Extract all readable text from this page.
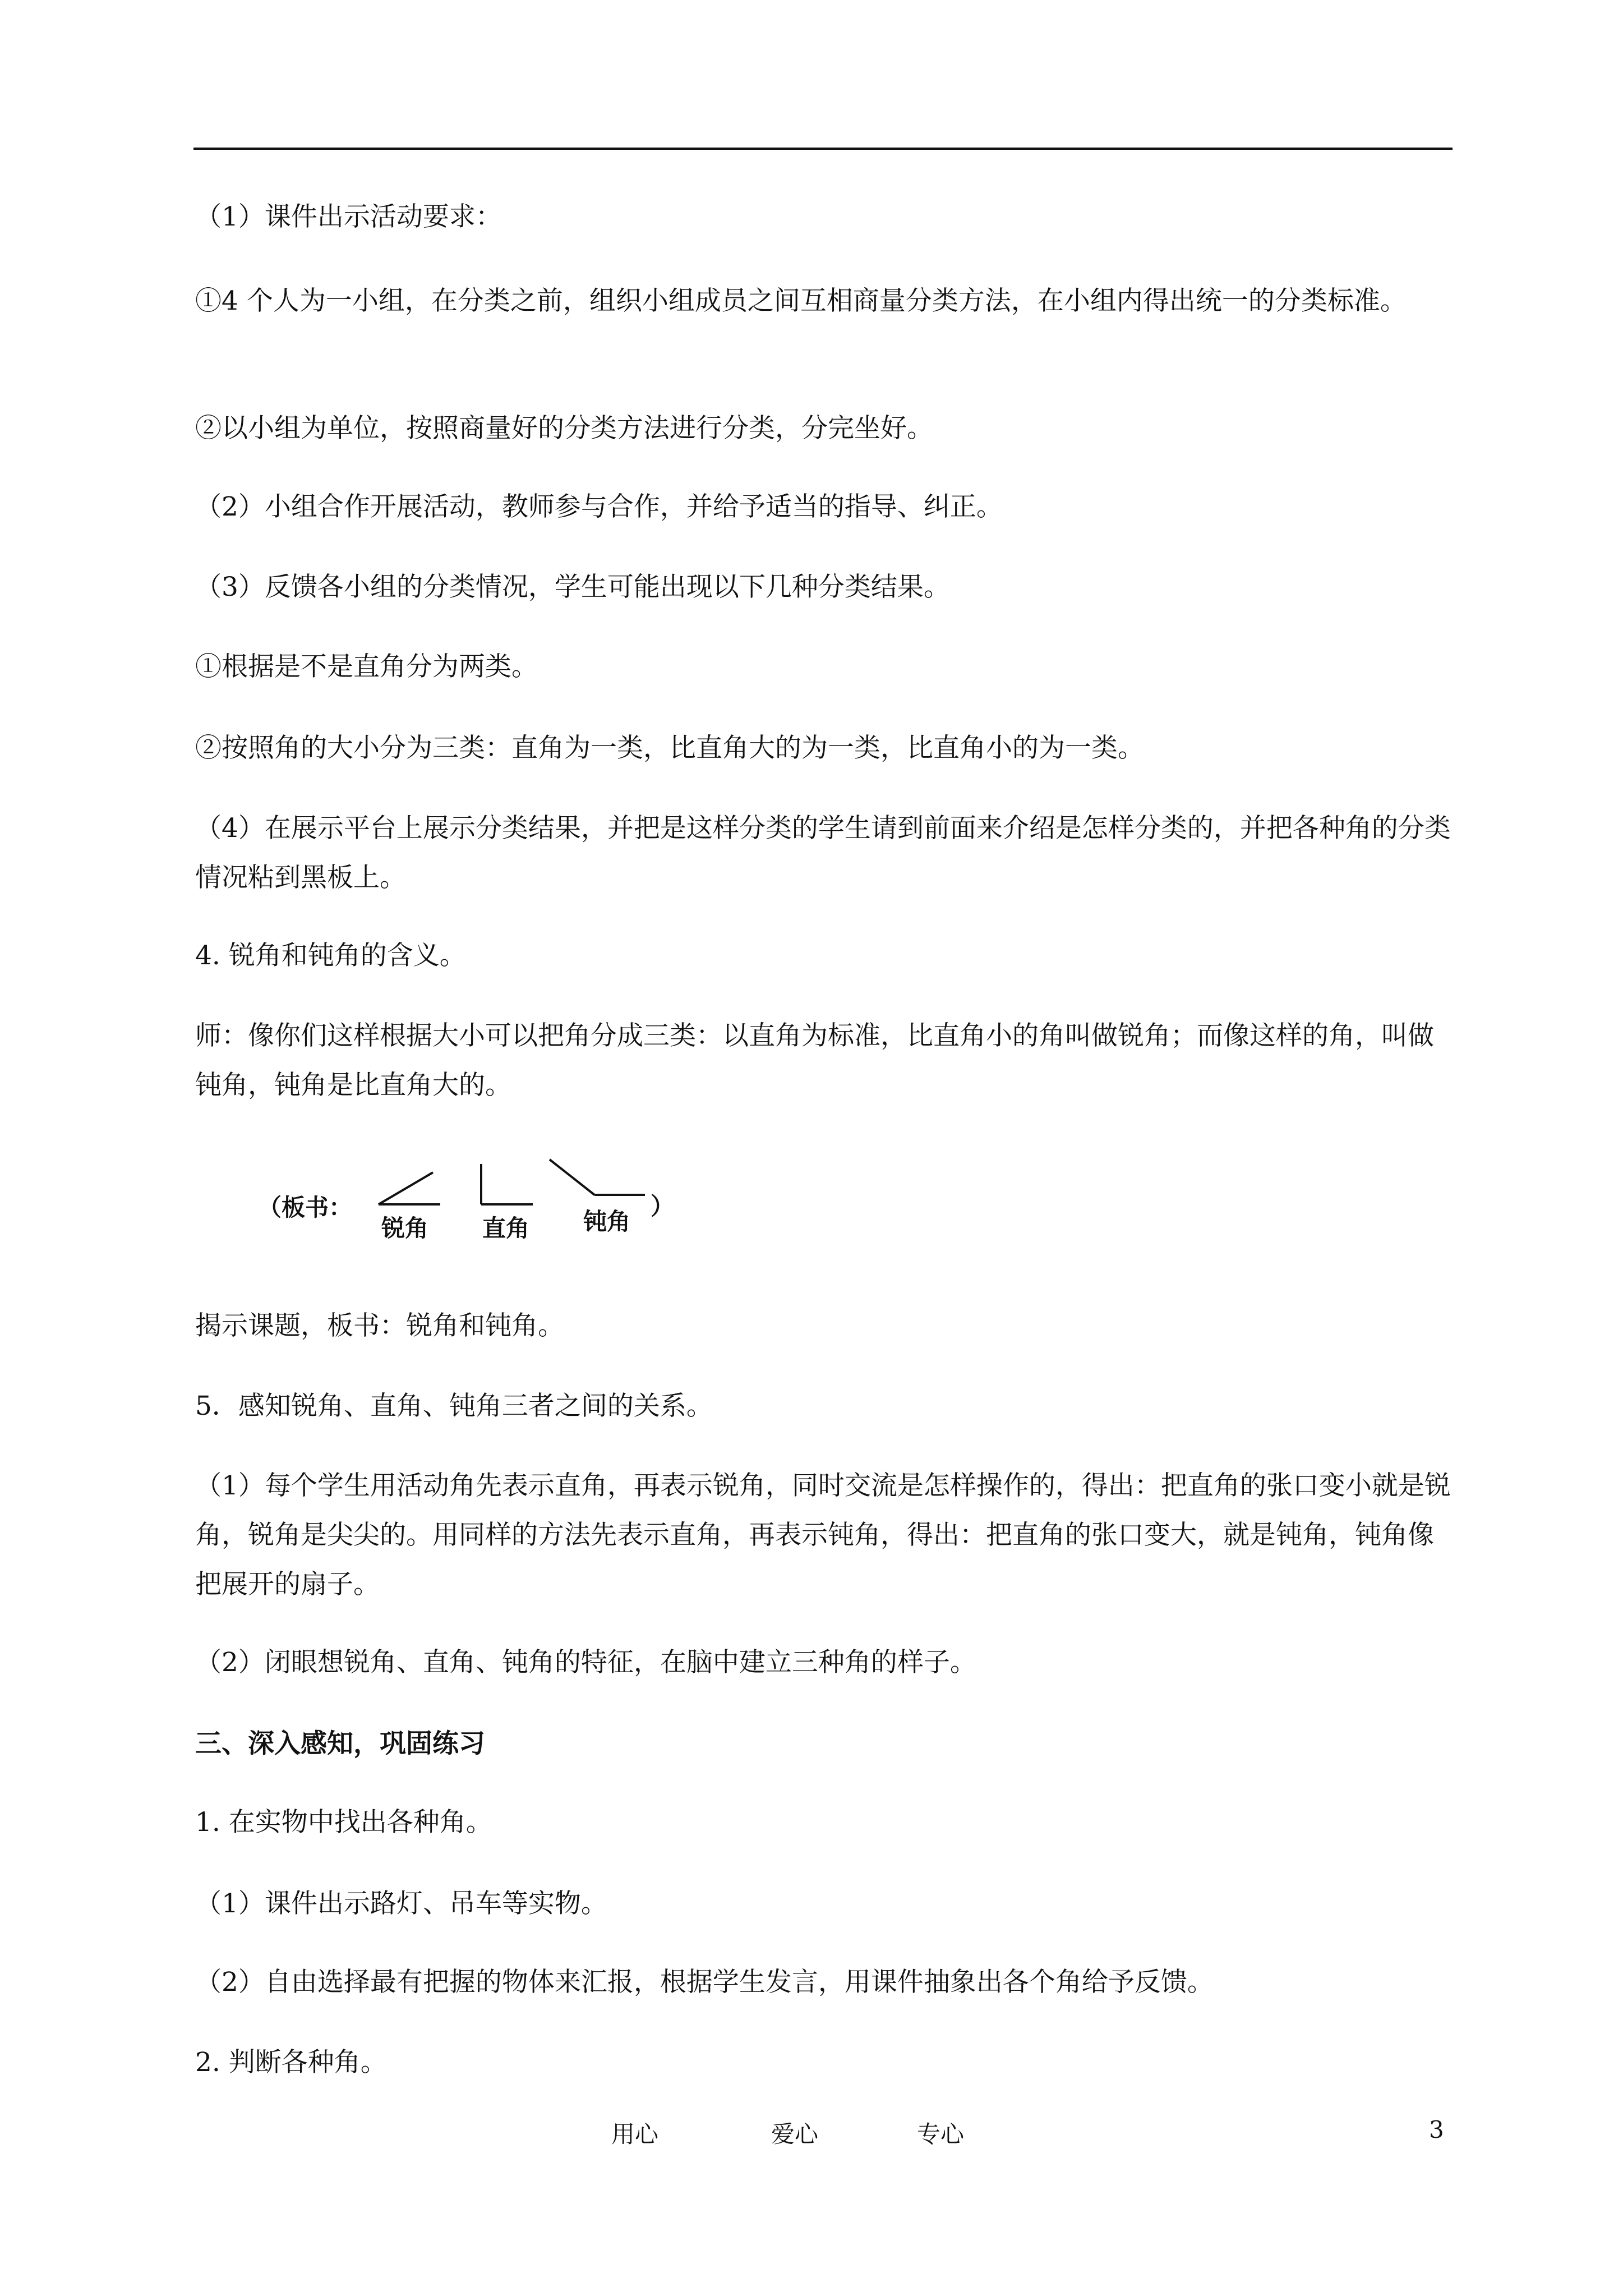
（1）课件出示活动要求：

①4 个人为一小组，在分类之前，组织小组成员之间互相商量分类方法，在小组内得出统一的分类标准。

②以小组为单位，按照商量好的分类方法进行分类，分完坐好。

（2）小组合作开展活动，教师参与合作，并给予适当的指导、纠正。

（3）反馈各小组的分类情况，学生可能出现以下几种分类结果。

①根据是不是直角分为两类。

②按照角的大小分为三类：直角为一类，比直角大的为一类，比直角小的为一类。

（4）在展示平台上展示分类结果，并把是这样分类的学生请到前面来介绍是怎样分类的，并把各种角的分类情况粘到黑板上。

4. 锐角和钝角的含义。

师：像你们这样根据大小可以把角分成三类：以直角为标准，比直角小的角叫做锐角；而像这样的角，叫做钝角，钝角是比直角大的。

（板书：
锐角 直角 钝角
）

揭示课题，板书：锐角和钝角。

5．感知锐角、直角、钝角三者之间的关系。

（1）每个学生用活动角先表示直角，再表示锐角，同时交流是怎样操作的，得出：把直角的张口变小就是锐角，锐角是尖尖的。用同样的方法先表示直角，再表示钝角，得出：把直角的张口变大，就是钝角，钝角像把展开的扇子。

（2）闭眼想锐角、直角、钝角的特征，在脑中建立三种角的样子。

三、深入感知，巩固练习

1. 在实物中找出各种角。

（1）课件出示路灯、吊车等实物。

（2）自由选择最有把握的物体来汇报，根据学生发言，用课件抽象出各个角给予反馈。

2. 判断各种角。

用心	爱心	专心	3
